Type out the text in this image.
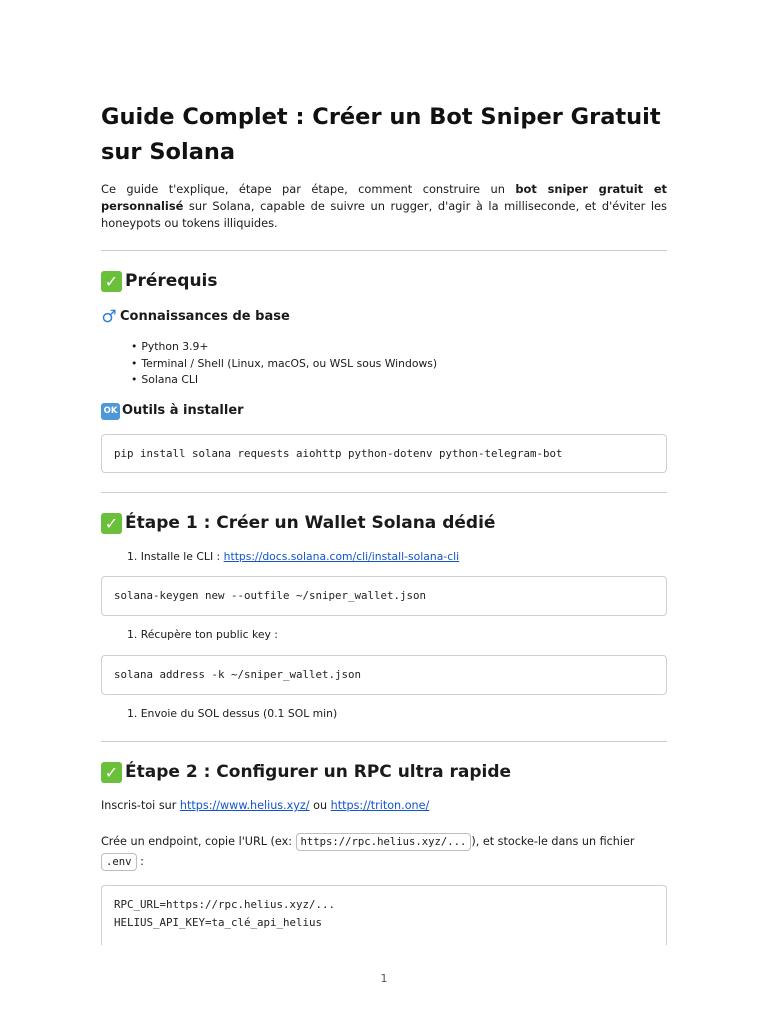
Guide Complet : Créer un Bot Sniper Gratuit sur Solana

Ce guide t'explique, étape par étape, comment construire un bot sniper gratuit et personnalisé sur Solana, capable de suivre un rugger, d'agir à la milliseconde, et d'éviter les honeypots ou tokens illiquides.

✓ Prérequis
♂ Connaissances de base
• Python 3.9+
• Terminal / Shell (Linux, macOS, ou WSL sous Windows)
• Solana CLI
OK Outils à installer
pip install solana requests aiohttp python-dotenv python-telegram-bot
✓ Étape 1 : Créer un Wallet Solana dédié

1. Installe le CLI : https://docs.solana.com/cli/install-solana-cli

solana-keygen new --outfile ~/sniper_wallet.json

1. Récupère ton public key :

solana address -k ~/sniper_wallet.json

1. Envoie du SOL dessus (0.1 SOL min)

✓ Étape 2 : Configurer un RPC ultra rapide

Inscris-toi sur https://www.helius.xyz/ ou https://triton.one/

Crée un endpoint, copie l'URL (ex: https://rpc.helius.xyz/... ), et stocke-le dans un fichier
.env :

RPC_URL=https://rpc.helius.xyz/...
HELIUS_API_KEY=ta_clé_api_helius
1
